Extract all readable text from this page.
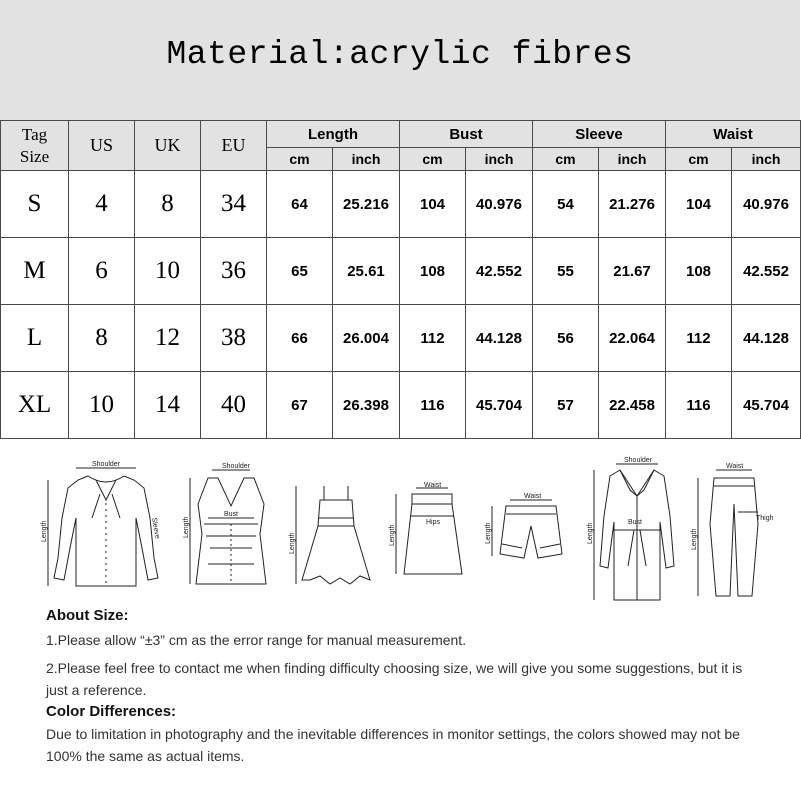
Material:acrylic fibres
Tag
Size	US	UK	EU	Length		Bust		Sleeve		Waist	
				cm	inch	cm	inch	cm	inch	cm	inch
S	4	8	34	64	25.216	104	40.976	54	21.276	104	40.976
M	6	10	36	65	25.61	108	42.552	55	21.67	108	42.552
L	8	12	38	66	26.004	112	44.128	56	22.064	112	44.128
XL	10	14	40	67	26.398	116	45.704	57	22.458	116	45.704
Shoulder
Length	Sleeve
Shoulder
Bust
Length
Length
Waist
Hips
Length
Waist
Length
Shoulder
Bust
Length
Waist
Thigh
Length
About Size:
1.Please allow “±3” cm as the error range for manual measurement.
2.Please feel free to contact me when finding difficulty choosing size, we will give you some suggestions, but it is
just a reference.
Color Differences:
Due to limitation in photography and the inevitable differences in monitor settings, the colors showed may not be
100% the same as actual items.
